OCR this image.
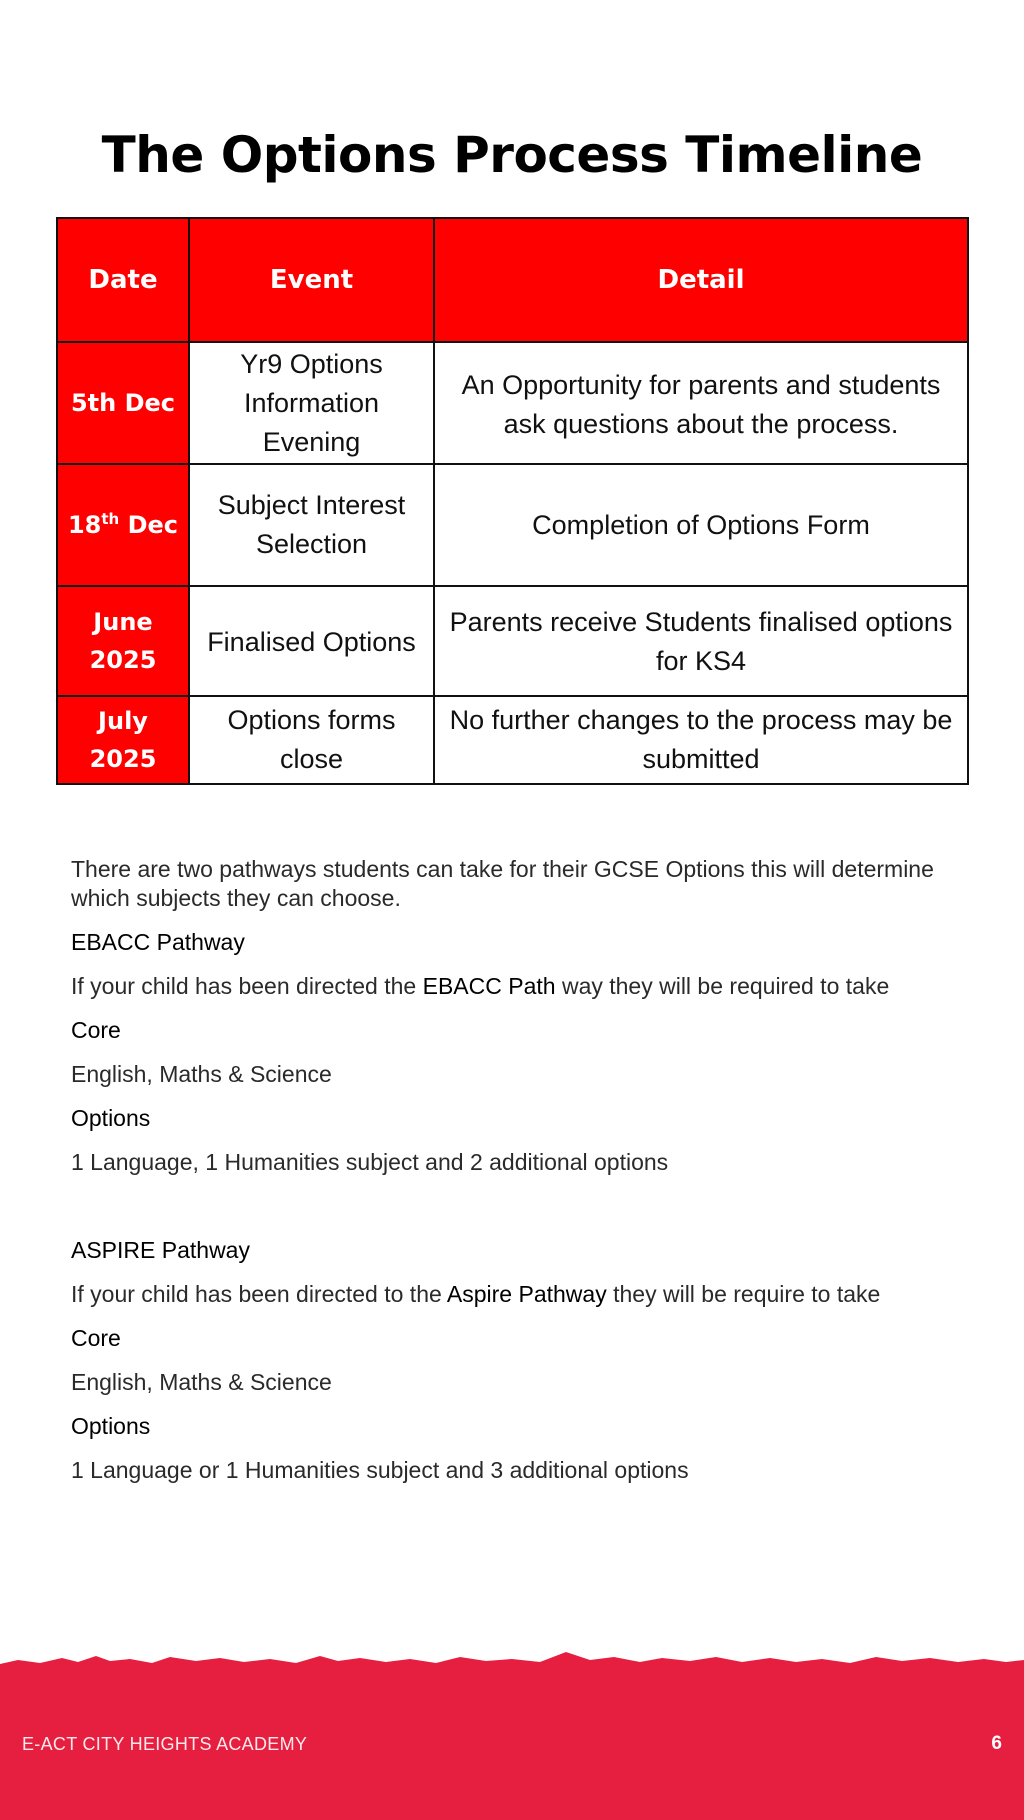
The Options Process Timeline
Date	Event	Detail
5th Dec	Yr9 Options Information Evening	An Opportunity for parents and students ask questions about the process.
18th Dec	Subject Interest Selection	Completion of Options Form
June 2025	Finalised Options	Parents receive Students finalised options for KS4
July 2025	Options forms close	No further changes to the process may be submitted

There are two pathways students can take for their GCSE Options this will determine which subjects they can choose.

EBACC Pathway

If your child has been directed the EBACC Path way they will be required to take

Core

English, Maths & Science

Options

1 Language, 1 Humanities subject and 2 additional options

ASPIRE Pathway

If your child has been directed to the Aspire Pathway they will be require to take

Core

English, Maths & Science

Options

1 Language or 1 Humanities subject and 3 additional options

E-ACT CITY HEIGHTS ACADEMY	6
